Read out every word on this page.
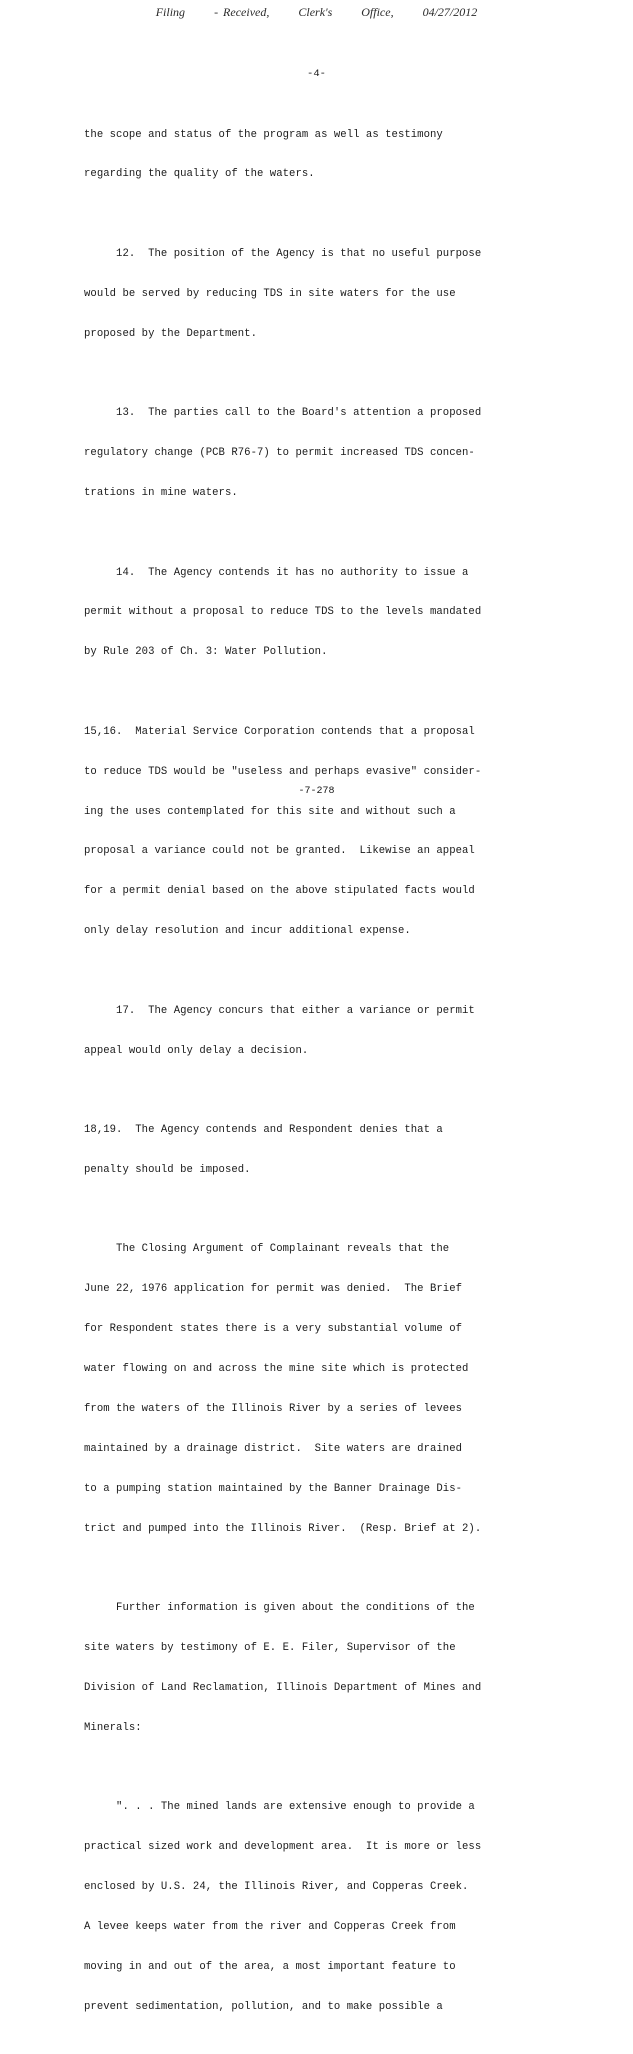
Filing - Received, Clerk's Office, 04/27/2012
-4-

the scope and status of the program as well as testimony

regarding the quality of the waters.

12.  The position of the Agency is that no useful purpose

would be served by reducing TDS in site waters for the use

proposed by the Department.

13.  The parties call to the Board's attention a proposed

regulatory change (PCB R76-7) to permit increased TDS concen-

trations in mine waters.

14.  The Agency contends it has no authority to issue a

permit without a proposal to reduce TDS to the levels mandated

by Rule 203 of Ch. 3: Water Pollution.

15,16.  Material Service Corporation contends that a proposal

to reduce TDS would be "useless and perhaps evasive" consider-

ing the uses contemplated for this site and without such a

proposal a variance could not be granted.  Likewise an appeal

for a permit denial based on the above stipulated facts would

only delay resolution and incur additional expense.

17.  The Agency concurs that either a variance or permit

appeal would only delay a decision.

18,19.  The Agency contends and Respondent denies that a

penalty should be imposed.

The Closing Argument of Complainant reveals that the

June 22, 1976 application for permit was denied.  The Brief

for Respondent states there is a very substantial volume of

water flowing on and across the mine site which is protected

from the waters of the Illinois River by a series of levees

maintained by a drainage district.  Site waters are drained

to a pumping station maintained by the Banner Drainage Dis-

trict and pumped into the Illinois River.  (Resp. Brief at 2).

Further information is given about the conditions of the

site waters by testimony of E. E. Filer, Supervisor of the

Division of Land Reclamation, Illinois Department of Mines and

Minerals:

". . . The mined lands are extensive enough to provide a

practical sized work and development area.  It is more or less

enclosed by U.S. 24, the Illinois River, and Copperas Creek.

A levee keeps water from the river and Copperas Creek from

moving in and out of the area, a most important feature to

prevent sedimentation, pollution, and to make possible a

-7-278
